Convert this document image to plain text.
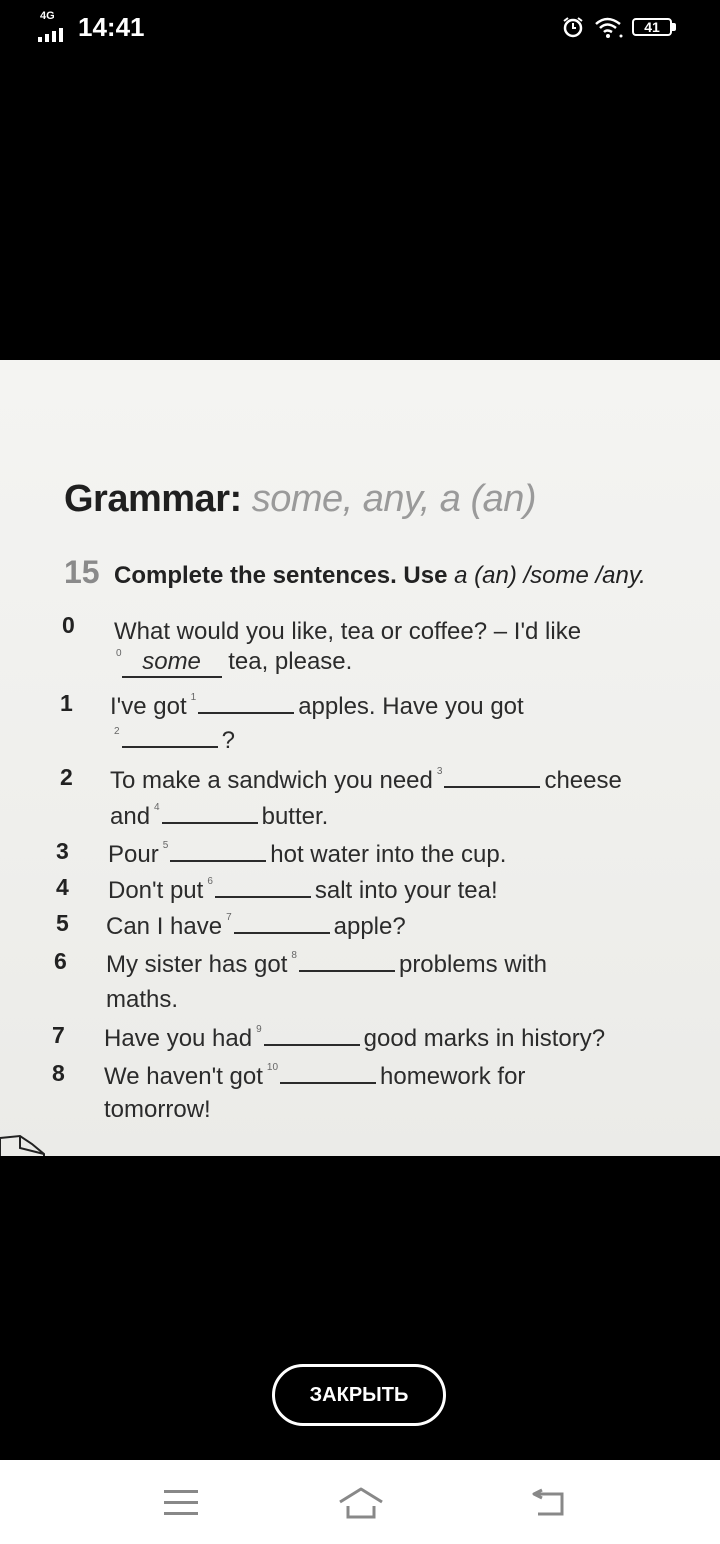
4G 14:41	41
Grammar: some, any, a (an)
15 Complete the sentences. Use a (an) /some /any.
0 What would you like, tea or coffee? – I'd like
$^0$ some tea, please.
1 I've got $^1$	apples. Have you got
$^2$	?
2 To make a sandwich you need $^3$	cheese
and $^4$	butter.
3 Pour $^5$	hot water into the cup.
4 Don't put $^6$	salt into your tea!
5 Can I have $^7$	apple?
6 My sister has got $^8$	problems with
maths.
7 Have you had $^9$	good marks in history?
8 We haven't got $^{10}$	homework for
tomorrow!
ЗАКРЫТЬ
